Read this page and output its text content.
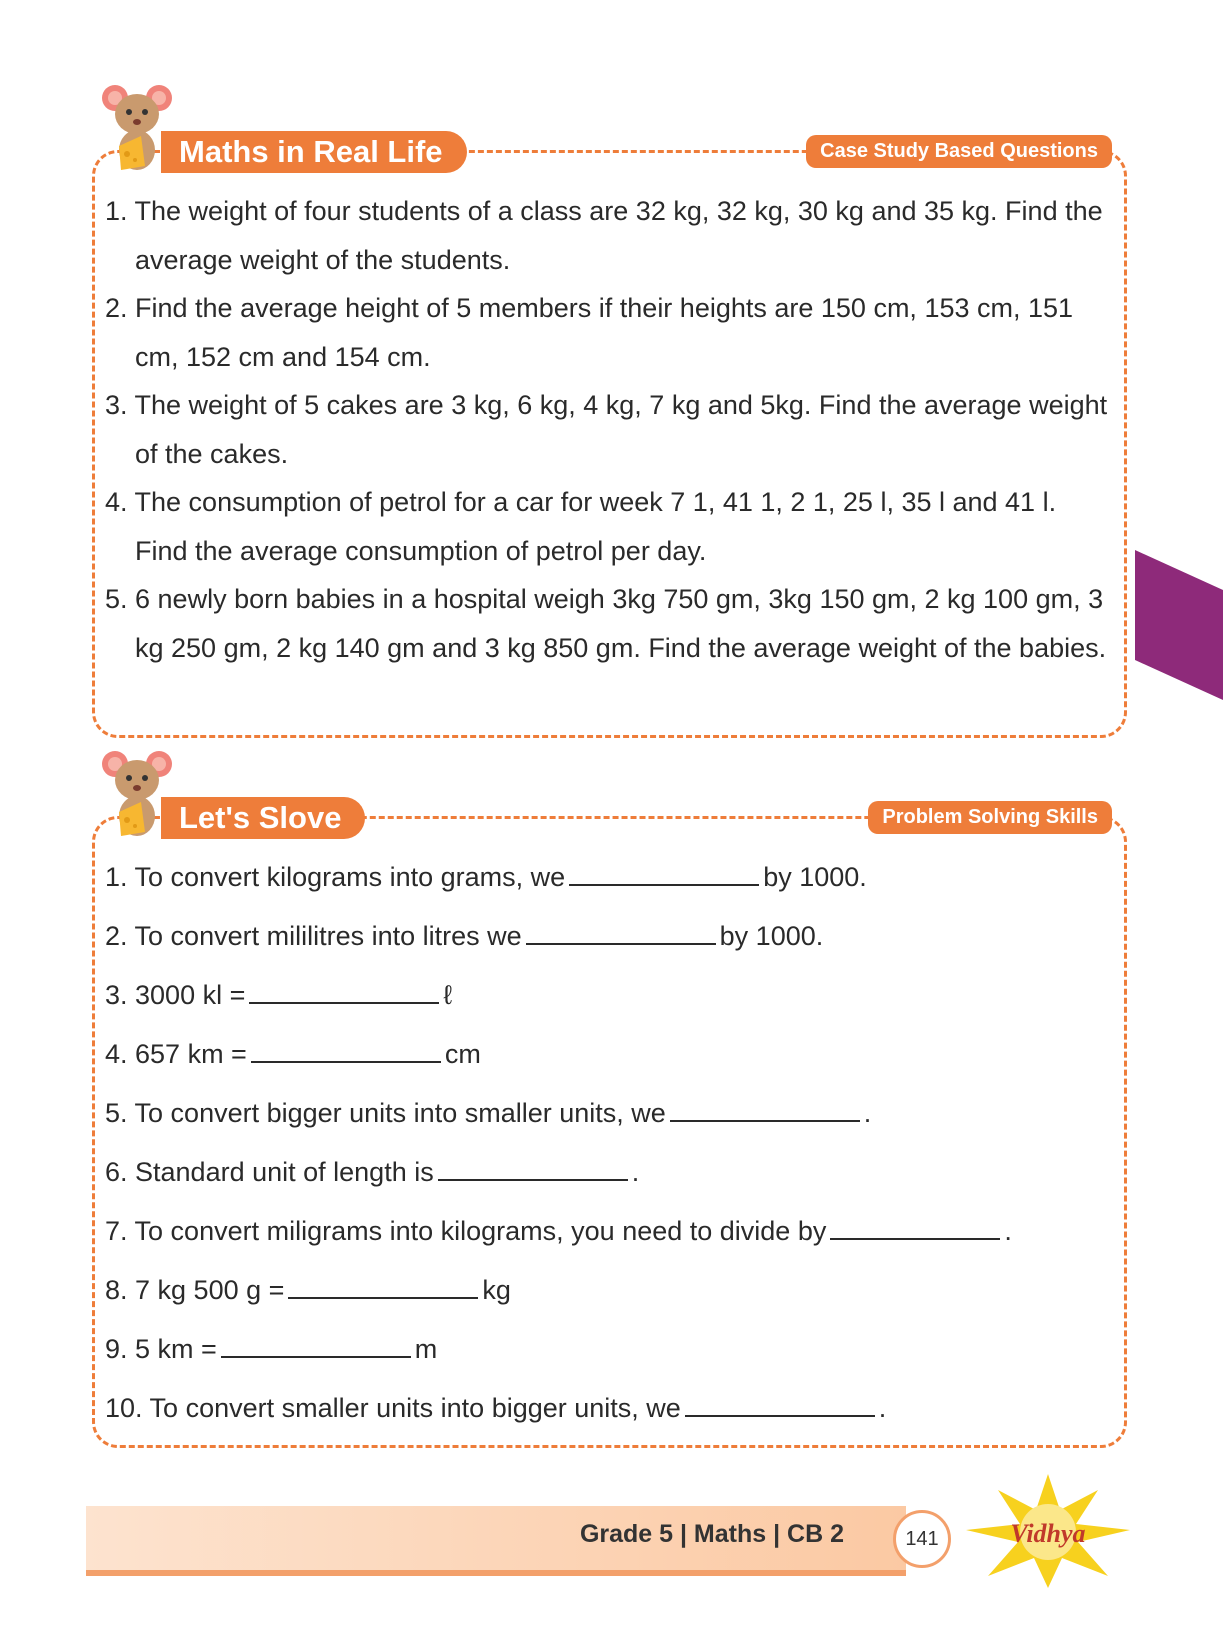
Maths in Real Life	Case Study Based Questions
1. The weight of four students of a class are 32 kg, 32 kg, 30 kg and 35 kg. Find the average weight of the students.
2. Find the average height of 5 members if their heights are 150 cm, 153 cm, 151 cm, 152 cm and 154 cm.
3. The weight of 5 cakes are 3 kg, 6 kg, 4 kg, 7 kg and 5kg. Find the average weight of the cakes.
4. The consumption of petrol for a car for week 7 1, 41 1, 2 1, 25 l, 35 l and 41 l. Find the average consumption of petrol per day.
5. 6 newly born babies in a hospital weigh 3kg 750 gm, 3kg 150 gm, 2 kg 100 gm, 3 kg 250 gm, 2 kg 140 gm and 3 kg 850 gm. Find the average weight of the babies.
Let's Slove	Problem Solving Skills
1. To convert kilograms into grams, we	by 1000.
2. To convert mililitres into litres we	by 1000.
3. 3000 kl =	ℓ
4. 657 km =	cm
5. To convert bigger units into smaller units, we	.
6. Standard unit of length is	.
7. To convert miligrams into kilograms, you need to divide by	.
8. 7 kg 500 g =	kg
9. 5 km =	m
10. To convert smaller units into bigger units, we	.
Grade 5 | Maths | CB 2	141	Vidhya
